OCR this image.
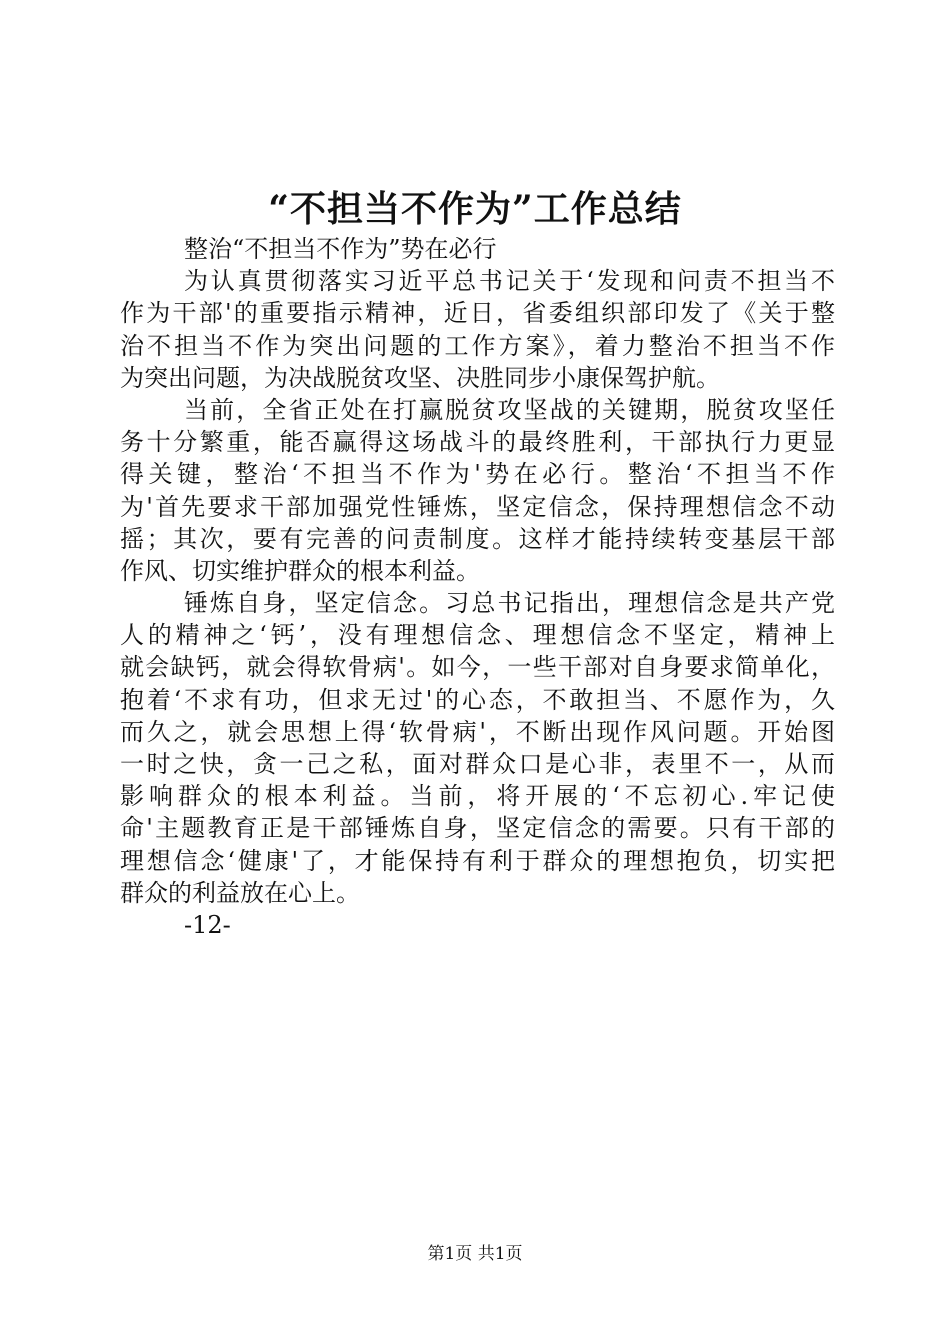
“不担当不作为”工作总结
整治“不担当不作为”势在必行
为认真贯彻落实习近平总书记关于‘发现和问责不担当不
作为干部'的重要指示精神，近日，省委组织部印发了《关于整
治不担当不作为突出问题的工作方案》，着力整治不担当不作
为突出问题，为决战脱贫攻坚、决胜同步小康保驾护航。
当前，全省正处在打赢脱贫攻坚战的关键期，脱贫攻坚任
务十分繁重，能否赢得这场战斗的最终胜利，干部执行力更显
得关键，整治‘不担当不作为'势在必行。整治‘不担当不作
为'首先要求干部加强党性锤炼，坚定信念，保持理想信念不动
摇；其次，要有完善的问责制度。这样才能持续转变基层干部
作风、切实维护群众的根本利益。
锤炼自身，坚定信念。习总书记指出，理想信念是共产党
人的精神之‘钙’，没有理想信念、理想信念不坚定，精神上
就会缺钙，就会得软骨病'。如今，一些干部对自身要求简单化，
抱着‘不求有功，但求无过'的心态，不敢担当、不愿作为，久
而久之，就会思想上得‘软骨病'，不断出现作风问题。开始图
一时之快，贪一己之私，面对群众口是心非，表里不一，从而
影响群众的根本利益。当前，将开展的‘不忘初心.牢记使
命'主题教育正是干部锤炼自身，坚定信念的需要。只有干部的
理想信念‘健康'了，才能保持有利于群众的理想抱负，切实把
群众的利益放在心上。
-12-
第1页 共1页
